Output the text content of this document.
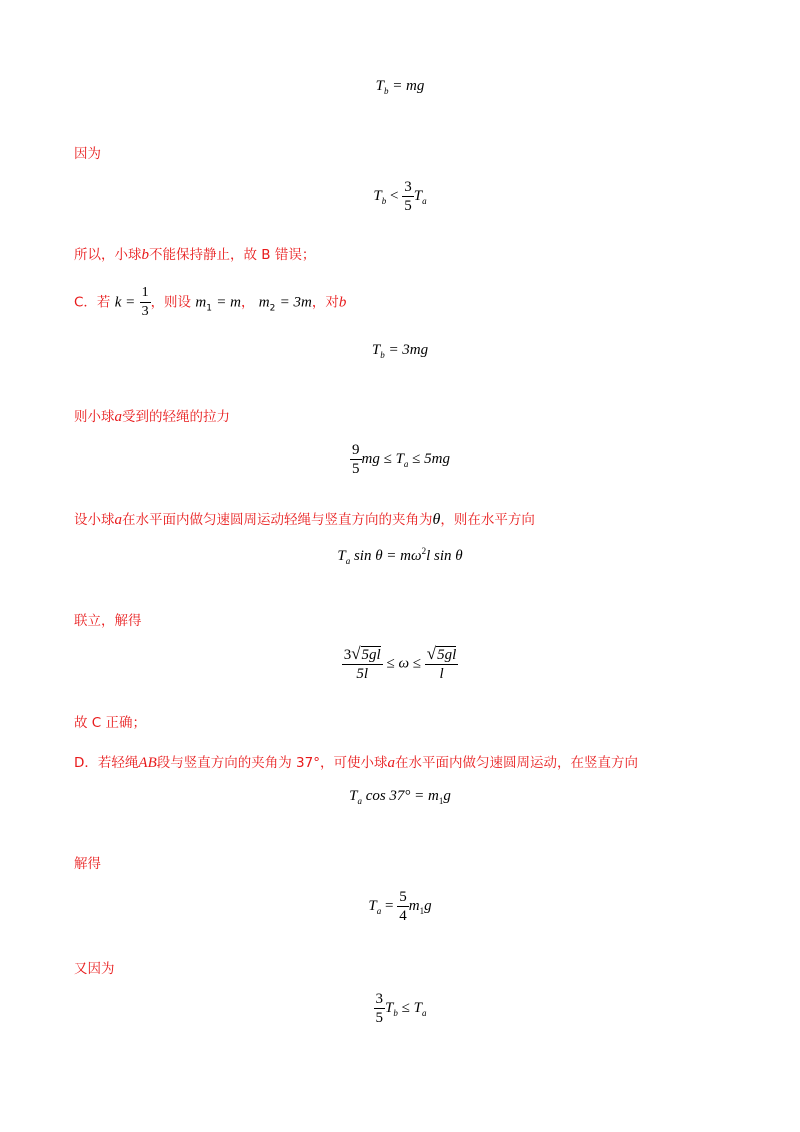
$T_b$ = mg
因为
$T_b < \frac{3}{5} T_a$
所以，小球b不能保持静止，故 B 错误；
C．若 $k = \frac{1}{3}$ ，则设 $m_1 = m$， $m_2 = 3m$，对b
$T_b = 3mg$
则小球a受到的轻绳的拉力
$\frac{9}{5}$ mg ≤ $T_a \le 5mg$
设小球a在水平面内做匀速圆周运动轻绳与竖直方向的夹角为θ，则在水平方向
$T_a$ $\sin \theta = m\omega^2l$ sin θ
联立，解得
$\frac{3√5gl}{5l} \le \omega \le \frac{√5gl}{l}$
故 C 正确；
D．若轻绳AB段与竖直方向的夹角为 37°，可使小球a在水平面内做匀速圆周运动，在竖直方向
$T_a$ $\cos 37^\circ = m_1g$
解得
$T_a = \frac{5}{4} m_1g$
又因为
$\frac{3}{5} T_b \le T_a$
